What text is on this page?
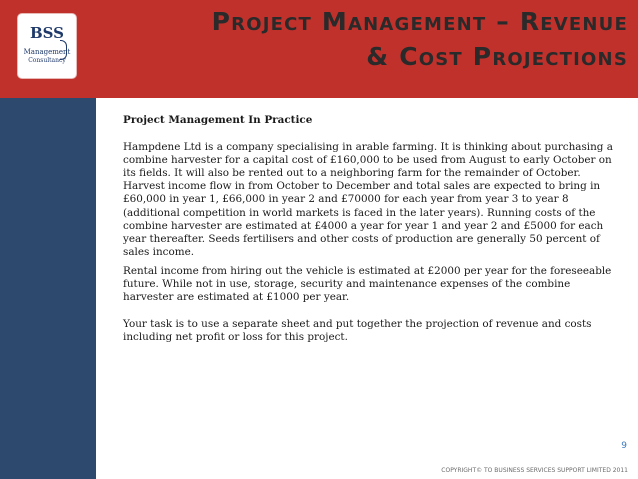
Project Management – Revenue
& Cost Projections
BSS
Management
Consultancy

Project Management In Practice

Hampdene Ltd is a company specialising in arable farming. It is thinking about purchasing a combine harvester for a capital cost of £160,000 to be used from August to early October on its fields. It will also be rented out to a neighboring farm for the remainder of October. Harvest income flow in from October to December and total sales are expected to bring in £60,000 in year 1, £66,000 in year 2 and £70000 for each year from year 3 to year 8 (additional competition in world markets is faced in the later years). Running costs of the combine harvester are estimated at £4000 a year for year 1 and year 2 and £5000 for each year thereafter. Seeds fertilisers and other costs of production are generally 50 percent of sales income.

Rental income from hiring out the vehicle is estimated at £2000 per year for the foreseeable future. While not in use, storage, security and maintenance expenses of the combine harvester are estimated at £1000 per year.

Your task is to use a separate sheet and put together the projection of revenue and costs including net profit or loss for this project.

9
COPYRIGHT© TO BUSINESS SERVICES SUPPORT LIMITED 2011
